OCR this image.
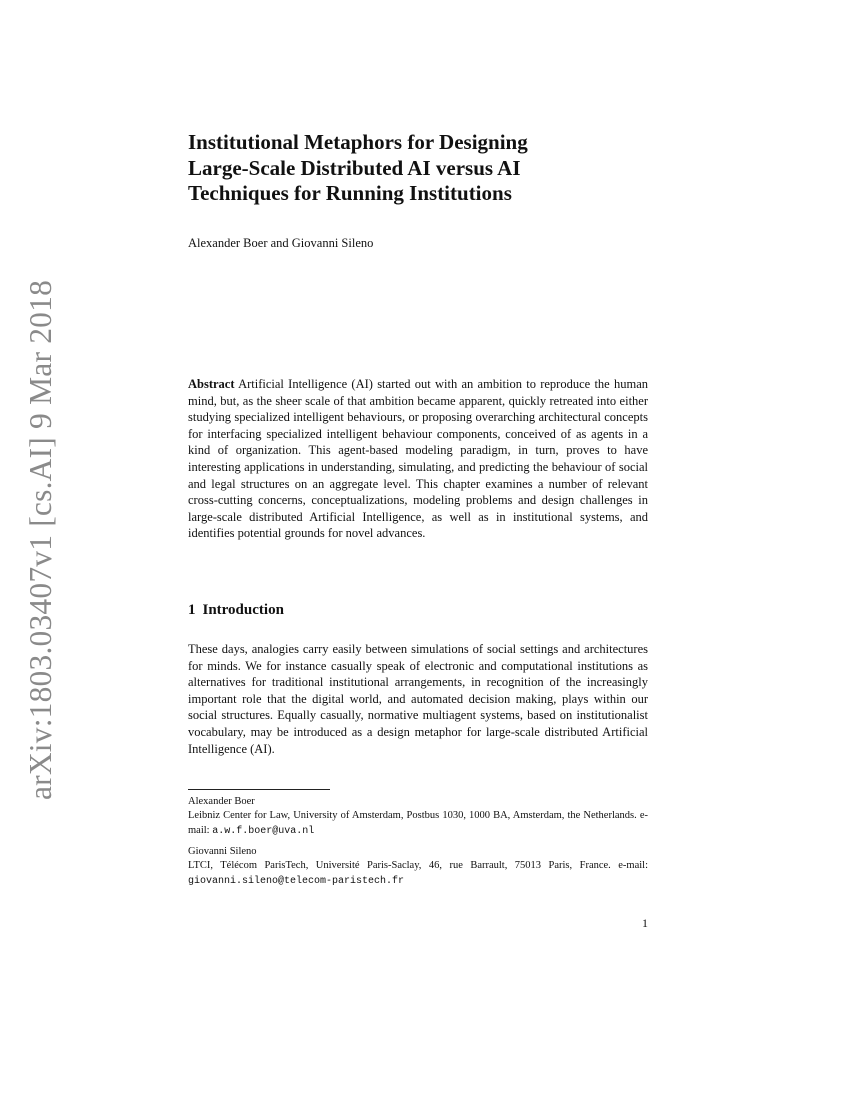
arXiv:1803.03407v1 [cs.AI] 9 Mar 2018
Institutional Metaphors for Designing
Large-Scale Distributed AI versus AI
Techniques for Running Institutions
Alexander Boer and Giovanni Sileno

Abstract Artificial Intelligence (AI) started out with an ambition to reproduce the human mind, but, as the sheer scale of that ambition became apparent, quickly retreated into either studying specialized intelligent behaviours, or proposing overarching architectural concepts for interfacing specialized intelligent behaviour components, conceived of as agents in a kind of organization. This agent-based modeling paradigm, in turn, proves to have interesting applications in understanding, simulating, and predicting the behaviour of social and legal structures on an aggregate level. This chapter examines a number of relevant cross-cutting concerns, conceptualizations, modeling problems and design challenges in large-scale distributed Artificial Intelligence, as well as in institutional systems, and identifies potential grounds for novel advances.

1 Introduction

These days, analogies carry easily between simulations of social settings and architectures for minds. We for instance casually speak of electronic and computational institutions as alternatives for traditional institutional arrangements, in recognition of the increasingly important role that the digital world, and automated decision making, plays within our social structures. Equally casually, normative multiagent systems, based on institutionalist vocabulary, may be introduced as a design metaphor for large-scale distributed Artificial Intelligence (AI).

Alexander Boer
Leibniz Center for Law, University of Amsterdam, Postbus 1030, 1000 BA, Amsterdam, the Netherlands. e-mail: a.w.f.boer@uva.nl
Giovanni Sileno
LTCI, Télécom ParisTech, Université Paris-Saclay, 46, rue Barrault, 75013 Paris, France. e-mail: giovanni.sileno@telecom-paristech.fr
1
